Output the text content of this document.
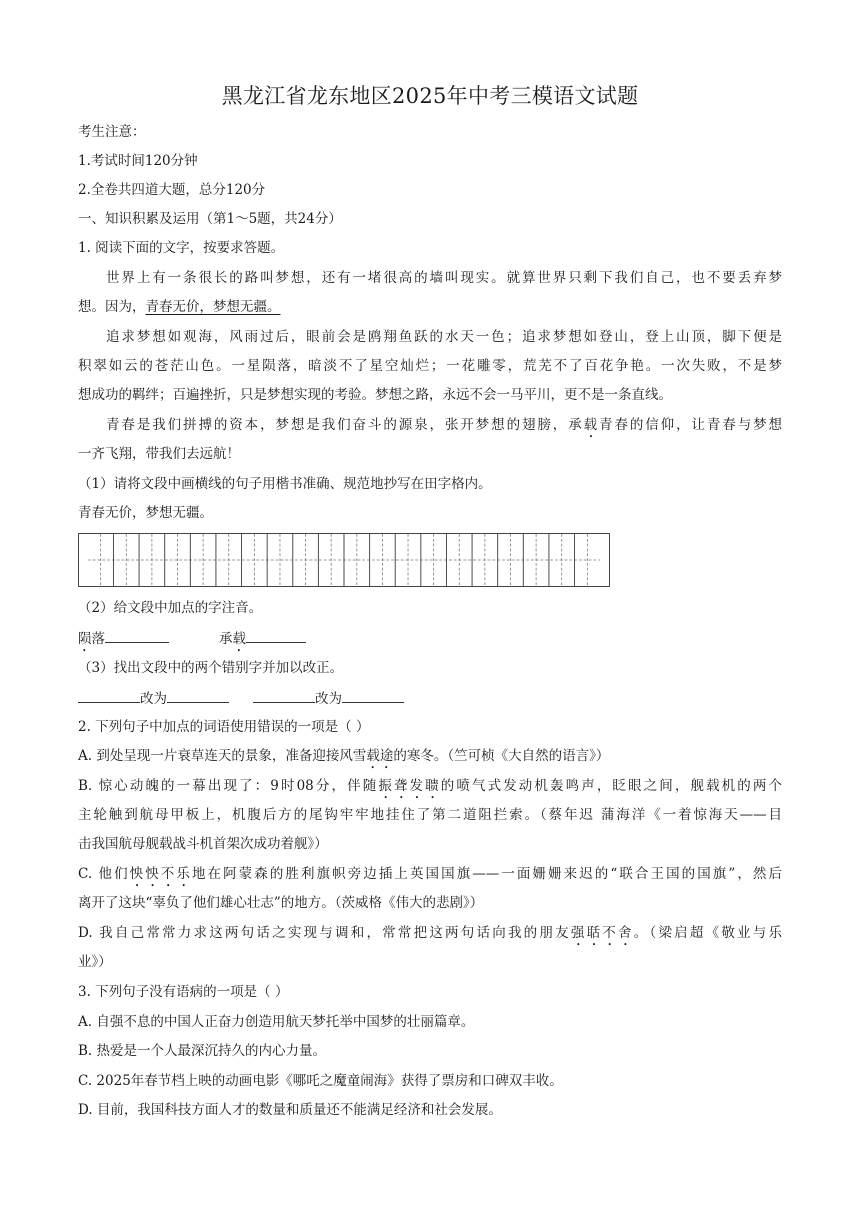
黑龙江省龙东地区2025年中考三模语文试题
考生注意：
1.考试时间120分钟
2.全卷共四道大题，总分120分
一、知识积累及运用（第1～5题，共24分）
1. 阅读下面的文字，按要求答题。
世界上有一条很长的路叫梦想，还有一堵很高的墙叫现实。就算世界只剩下我们自己，也不要丢弃梦
想。因为，青春无价，梦想无疆。
追求梦想如观海，风雨过后，眼前会是鸥翔鱼跃的水天一色；追求梦想如登山，登上山顶，脚下便是
积翠如云的苍茫山色。一星陨落，暗淡不了星空灿烂；一花雕零，荒芜不了百花争艳。一次失败，不是梦
想成功的羁绊；百遍挫折，只是梦想实现的考验。梦想之路，永远不会一马平川，更不是一条直线。
青春是我们拼搏的资本，梦想是我们奋斗的源泉，张开梦想的翅膀，承载青春的信仰，让青春与梦想
一齐飞翔，带我们去远航！
（1）请将文段中画横线的句子用楷书准确、规范地抄写在田字格内。
青春无价，梦想无疆。
（2）给文段中加点的字注音。
陨落	承载
（3）找出文段中的两个错别字并加以改正。
改为	改为
2. 下列句子中加点的词语使用错误的一项是（ ）
A. 到处呈现一片衰草连天的景象，准备迎接风雪载途的寒冬。（竺可桢《大自然的语言》）
B. 惊心动魄的一幕出现了：9时08分，伴随振聋发聩的喷气式发动机轰鸣声，眨眼之间，舰载机的两个
主轮触到航母甲板上，机腹后方的尾钩牢牢地挂住了第二道阻拦索。（蔡年迟 蒲海洋《一着惊海天——目
击我国航母舰载战斗机首架次成功着舰》）
C. 他们怏怏不乐地在阿蒙森的胜利旗帜旁边插上英国国旗——一面姗姗来迟的“联合王国的国旗”，然后
离开了这块“辜负了他们雄心壮志”的地方。（茨威格《伟大的悲剧》）
D. 我自己常常力求这两句话之实现与调和，常常把这两句话向我的朋友强聒不舍。（梁启超《敬业与乐
业》）
3. 下列句子没有语病的一项是（ ）
A. 自强不息的中国人正奋力创造用航天梦托举中国梦的壮丽篇章。
B. 热爱是一个人最深沉持久的内心力量。
C. 2025年春节档上映的动画电影《哪吒之魔童闹海》获得了票房和口碑双丰收。
D. 目前，我国科技方面人才的数量和质量还不能满足经济和社会发展。
